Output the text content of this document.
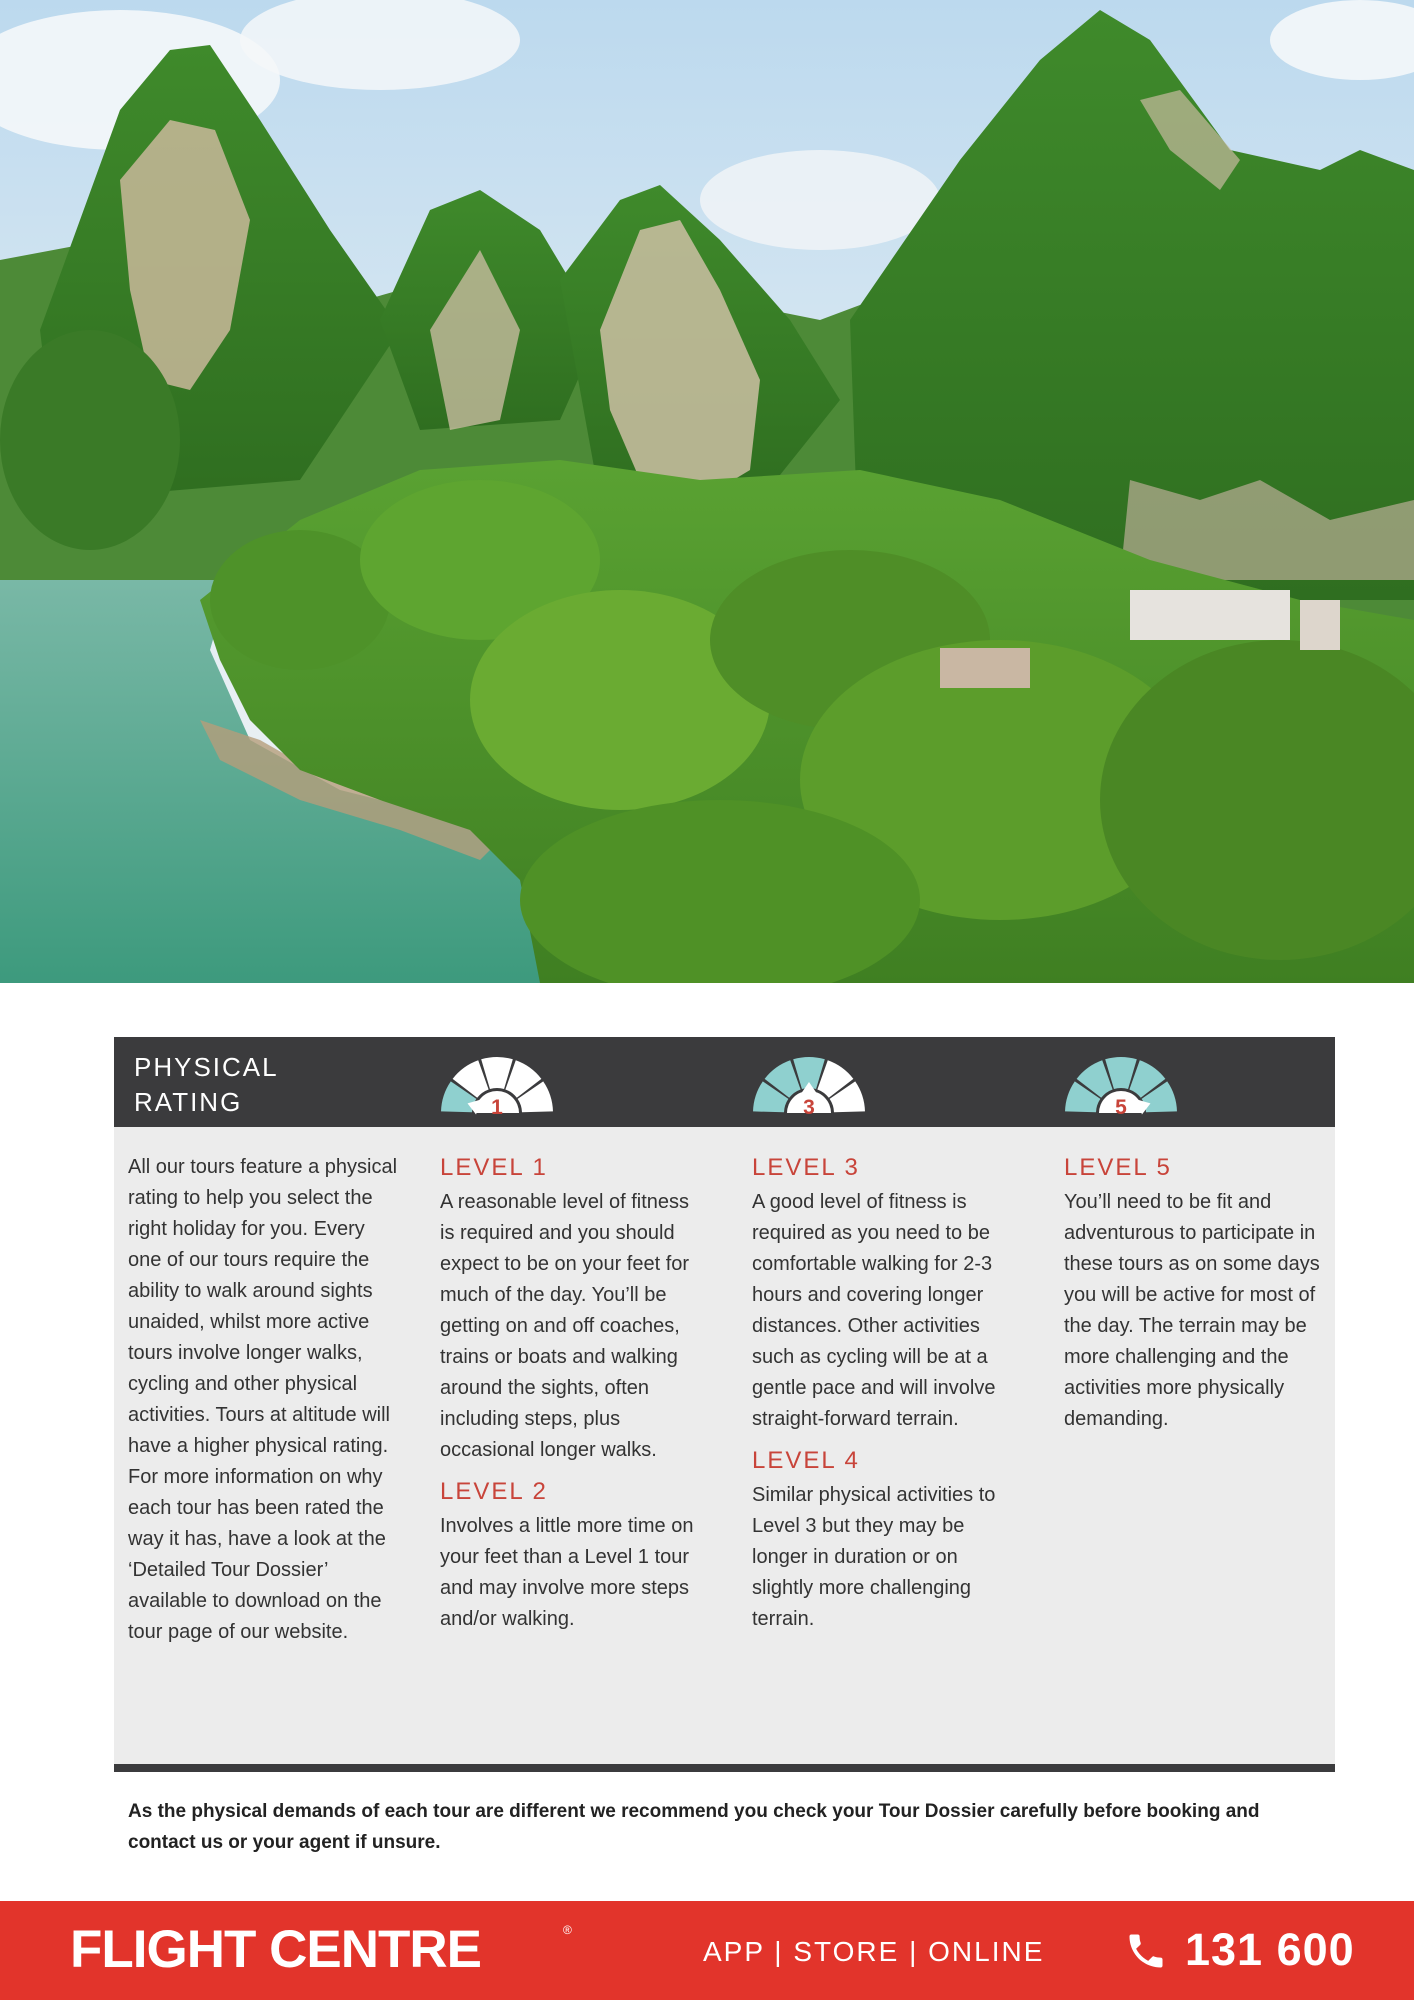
PHYSICAL
RATING	1	3	5
All our tours feature a physical rating to help you select the right holiday for you. Every one of our tours require the ability to walk around sights unaided, whilst more active tours involve longer walks, cycling and other physical activities. Tours at altitude will have a higher physical rating. For more information on why each tour has been rated the way it has, have a look at the ‘Detailed Tour Dossier’ available to download on the tour page of our website.
LEVEL 1
A reasonable level of fitness is required and you should expect to be on your feet for much of the day. You’ll be getting on and off coaches, trains or boats and walking around the sights, often including steps, plus occasional longer walks.
LEVEL 2
Involves a little more time on your feet than a Level 1 tour and may involve more steps and/or walking.
LEVEL 3
A good level of fitness is required as you need to be comfortable walking for 2-3 hours and covering longer distances. Other activities such as cycling will be at a gentle pace and will involve straight-forward terrain.
LEVEL 4
Similar physical activities to Level 3 but they may be longer in duration or on slightly more challenging terrain.
LEVEL 5
You’ll need to be fit and adventurous to participate in these tours as on some days you will be active for most of the day. The terrain may be more challenging and the activities more physically demanding.
As the physical demands of each tour are different we recommend you check your Tour Dossier carefully before booking and contact us or your agent if unsure.
FLIGHT CENTRE	®
APP | STORE | ONLINE	131 600
